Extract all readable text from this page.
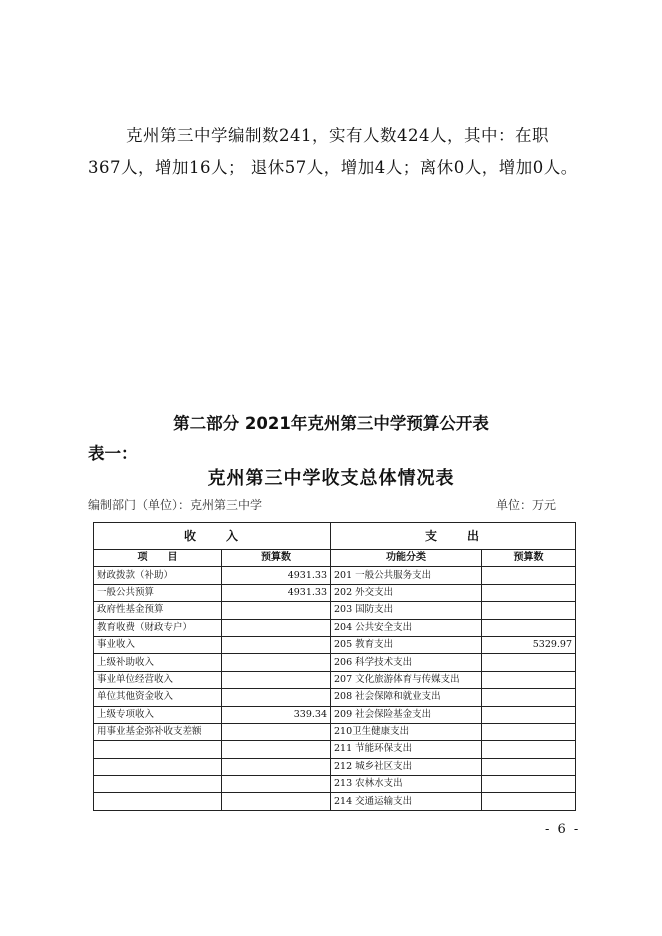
克州第三中学编制数241，实有人数424人，其中：在职367人，增加16人； 退休57人，增加4人；离休0人，增加0人。
第二部分 2021年克州第三中学预算公开表
表一：
克州第三中学收支总体情况表
编制部门（单位）：克州第三中学	单位：万元
收　　入		支　　出	
项　　目	预算数	功能分类	预算数
财政拨款（补助）	4931.33	201 一般公共服务支出	
一般公共预算	4931.33	202 外交支出	
政府性基金预算		203 国防支出	
教育收费（财政专户）		204 公共安全支出	
事业收入		205 教育支出	5329.97
上级补助收入		206 科学技术支出	
事业单位经营收入		207 文化旅游体育与传媒支出	
单位其他资金收入		208 社会保障和就业支出	
上级专项收入	339.34	209 社会保险基金支出	
用事业基金弥补收支差额		210卫生健康支出	
		211 节能环保支出	
		212 城乡社区支出	
		213 农林水支出	
		214 交通运输支出	
- 6 -
